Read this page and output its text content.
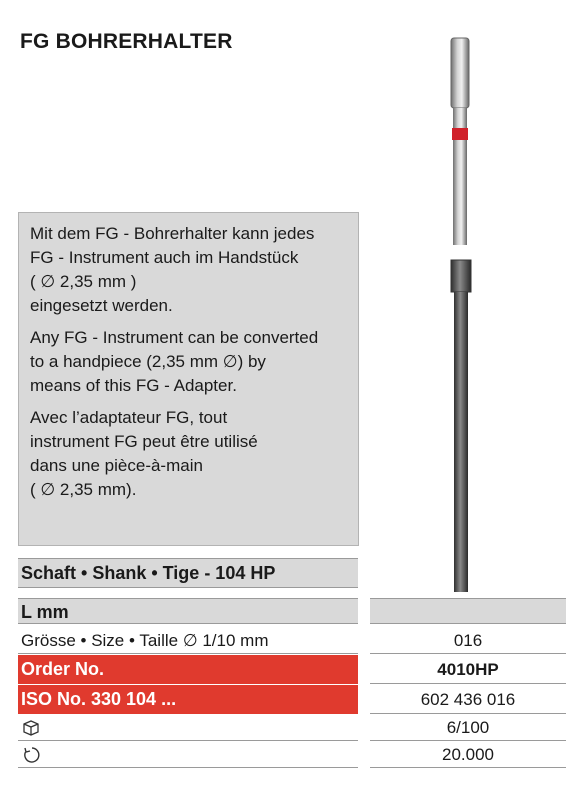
FG BOHRERHALTER

Mit dem FG - Bohrerhalter kann jedes
FG - Instrument auch im Handstück
( ∅ 2,35 mm )
eingesetzt werden.

Any FG - Instrument can be converted
to a handpiece (2,35 mm ∅) by
means of this FG - Adapter.

Avec l’adaptateur FG, tout
instrument FG peut être utilisé
dans une pièce-à-main
( ∅ 2,35 mm).

Schaft • Shank • Tige - 104 HP
L mm
Grösse • Size • Taille ∅ 1/10 mm
Order No.
ISO No. 330 104 ...
016
4010HP
602 436 016
6/100
20.000
